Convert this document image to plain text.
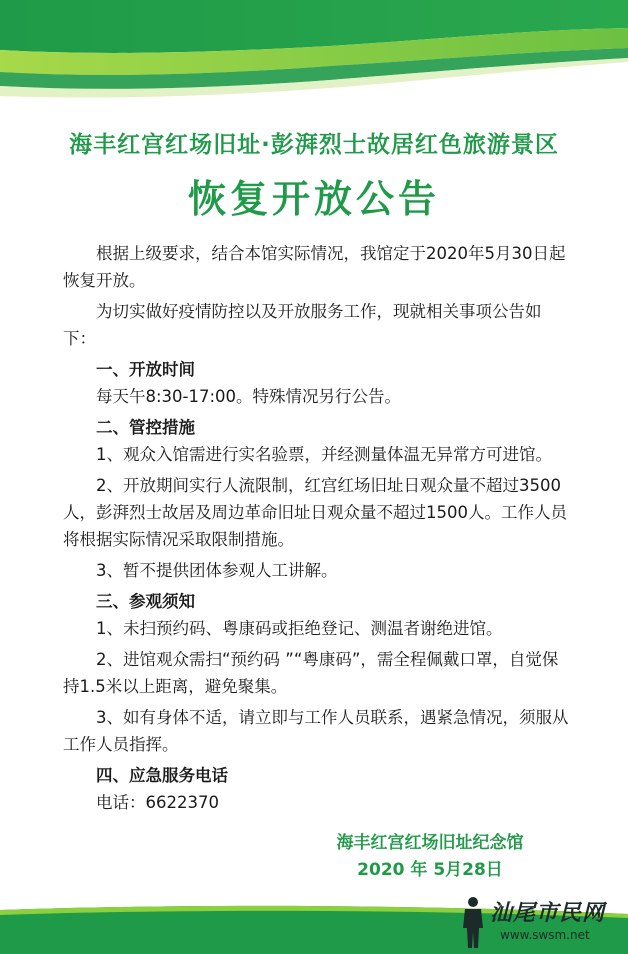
海丰红宫红场旧址·彭湃烈士故居红色旅游景区
恢复开放公告

根据上级要求，结合本馆实际情况，我馆定于2020年5月30日起恢复开放。

为切实做好疫情防控以及开放服务工作，现就相关事项公告如下：

一、开放时间

每天午8:30-17:00。特殊情况另行公告。

二、管控措施

1、观众入馆需进行实名验票，并经测量体温无异常方可进馆。

2、开放期间实行人流限制，红宫红场旧址日观众量不超过3500人，彭湃烈士故居及周边革命旧址日观众量不超过1500人。工作人员将根据实际情况采取限制措施。

3、暂不提供团体参观人工讲解。

三、参观须知

1、未扫预约码、粤康码或拒绝登记、测温者谢绝进馆。

2、进馆观众需扫“预约码 ”“粤康码”，需全程佩戴口罩，自觉保持1.5米以上距离，避免聚集。

3、如有身体不适，请立即与工作人员联系，遇紧急情况，须服从工作人员指挥。

四、应急服务电话

电话：6622370

海丰红宫红场旧址纪念馆
2020 年 5月28日
汕尾市民网
www.swsm.net
